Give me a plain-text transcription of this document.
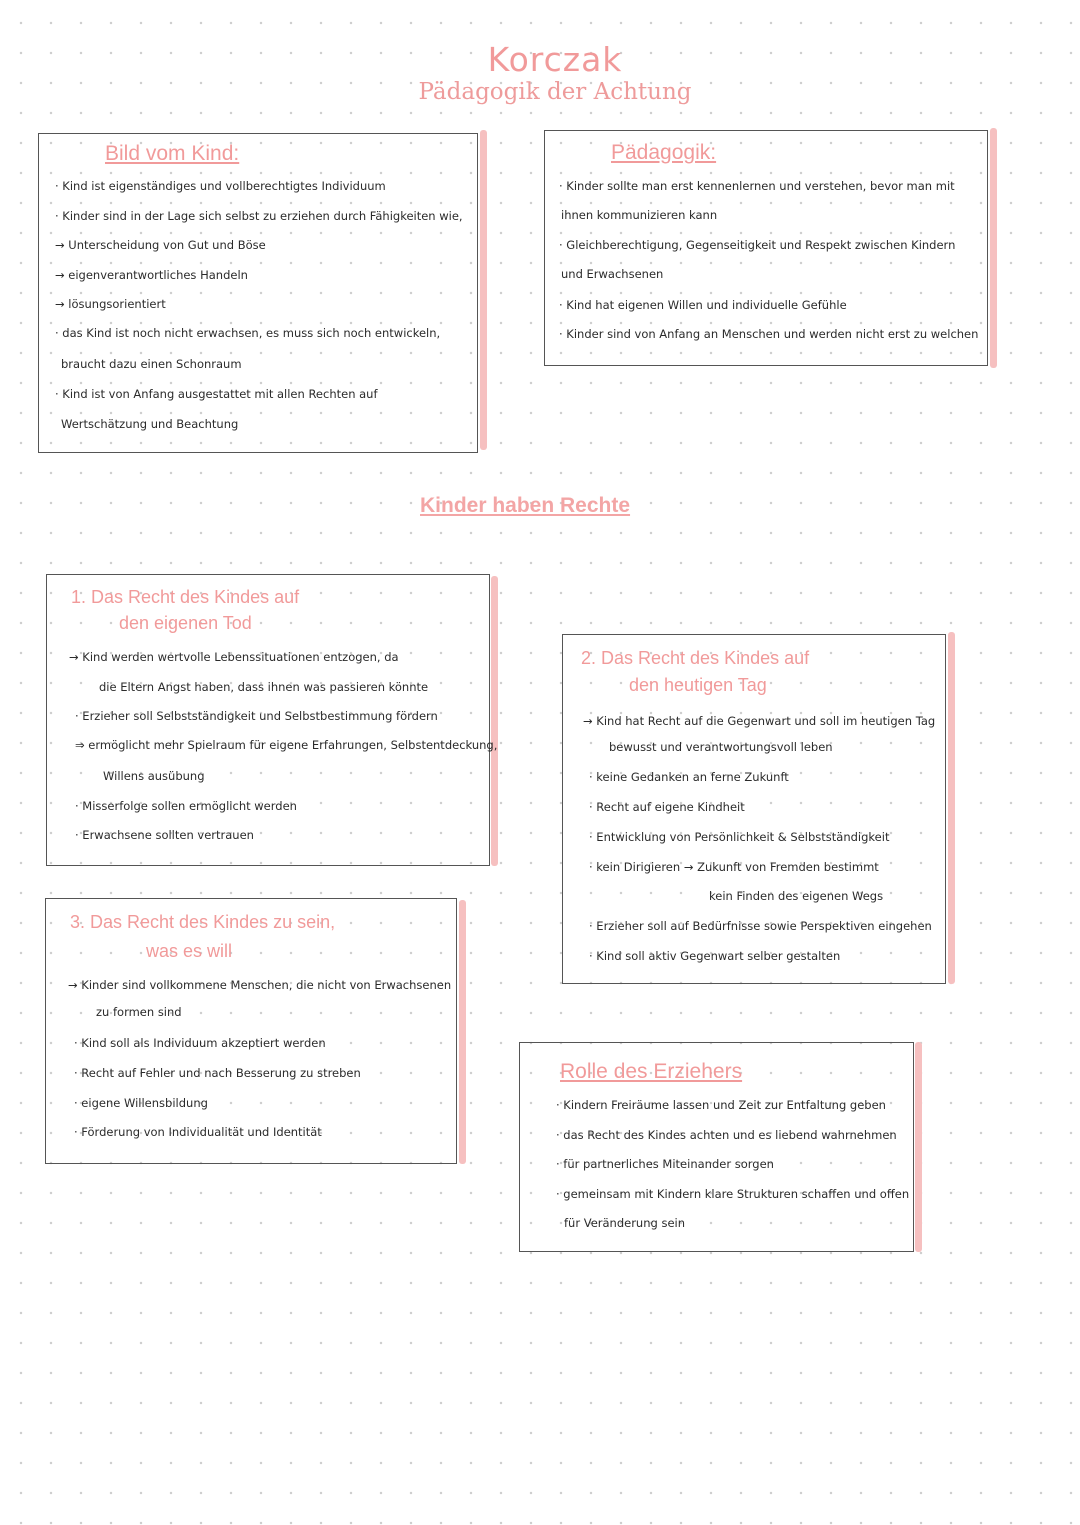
Korczak
Pädagogik der Achtung
Bild vom Kind:
· Kind ist eigenständiges und vollberechtigtes Individuum
· Kinder sind in der Lage sich selbst zu erziehen durch Fähigkeiten wie,
→ Unterscheidung von Gut und Böse
→ eigenverantwortliches Handeln
→ lösungsorientiert
· das Kind ist noch nicht erwachsen, es muss sich noch entwickeln,
braucht dazu einen Schonraum
· Kind ist von Anfang ausgestattet mit allen Rechten auf
Wertschätzung und Beachtung
Pädagogik:
· Kinder sollte man erst kennenlernen und verstehen, bevor man mit
ihnen kommunizieren kann
· Gleichberechtigung, Gegenseitigkeit und Respekt zwischen Kindern
und Erwachsenen
· Kind hat eigenen Willen und individuelle Gefühle
· Kinder sind von Anfang an Menschen und werden nicht erst zu welchen
Kinder haben Rechte
1. Das Recht des Kindes auf
den eigenen Tod
→ Kind werden wertvolle Lebenssituationen entzogen, da
die Eltern Angst haben, dass ihnen was passieren könnte
· Erzieher soll Selbstständigkeit und Selbstbestimmung fördern
⇒ ermöglicht mehr Spielraum für eigene Erfahrungen, Selbstentdeckung,
Willens ausübung
· Misserfolge sollen ermöglicht werden
· Erwachsene sollten vertrauen
2. Das Recht des Kindes auf
den heutigen Tag
→ Kind hat Recht auf die Gegenwart und soll im heutigen Tag
bewusst und verantwortungsvoll leben
· keine Gedanken an ferne Zukunft
· Recht auf eigene Kindheit
· Entwicklung von Persönlichkeit & Selbstständigkeit
· kein Dirigieren → Zukunft von Fremden bestimmt
kein Finden des eigenen Wegs
· Erzieher soll auf Bedürfnisse sowie Perspektiven eingehen
· Kind soll aktiv Gegenwart selber gestalten
3. Das Recht des Kindes zu sein,
was es will
→ Kinder sind vollkommene Menschen, die nicht von Erwachsenen
zu formen sind
· Kind soll als Individuum akzeptiert werden
· Recht auf Fehler und nach Besserung zu streben
· eigene Willensbildung
· Förderung von Individualität und Identität
Rolle des Erziehers
· Kindern Freiräume lassen und Zeit zur Entfaltung geben
· das Recht des Kindes achten und es liebend wahrnehmen
· für partnerliches Miteinander sorgen
· gemeinsam mit Kindern klare Strukturen schaffen und offen
für Veränderung sein
